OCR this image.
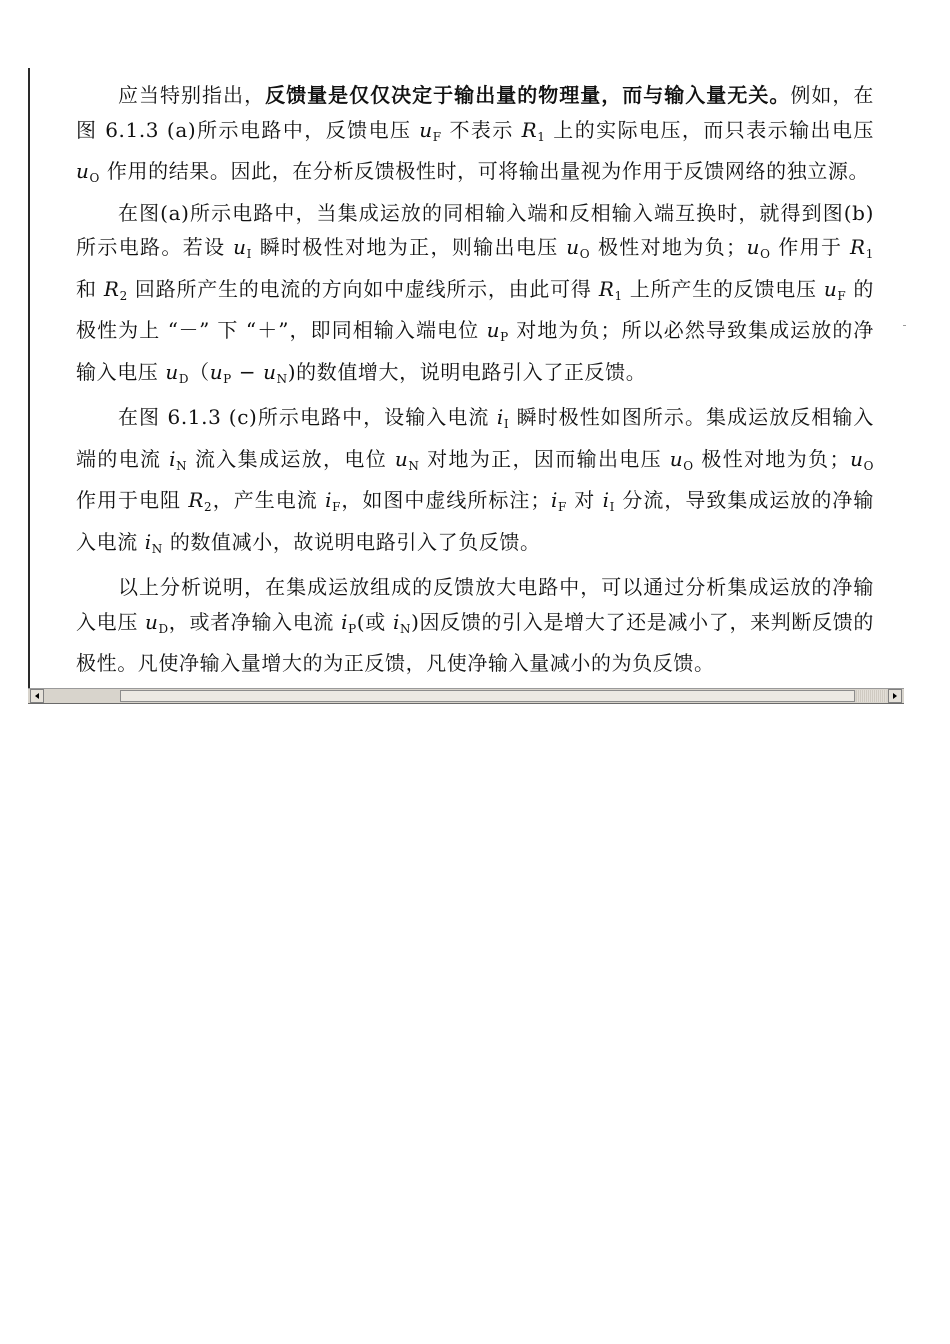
应当特别指出，反馈量是仅仅决定于输出量的物理量，而与输入量无关。例如，在图 6.1.3 (a)所示电路中，反馈电压 $u_F$ 不表示 $R_1$ 上的实际电压，而只表示输出电压 $u_O$ 作用的结果。因此，在分析反馈极性时，可将输出量视为作用于反馈网络的独立源。

在图(a)所示电路中，当集成运放的同相输入端和反相输入端互换时，就得到图(b)所示电路。若设 $u_I$ 瞬时极性对地为正，则输出电压 $u_O$ 极性对地为负；$u_O$ 作用于 $R_1$ 和 $R_2$ 回路所产生的电流的方向如中虚线所示，由此可得 $R_1$ 上所产生的反馈电压 $u_F$ 的极性为上 “－” 下 “＋”，即同相输入端电位 $u_P$ 对地为负；所以必然导致集成运放的净输入电压 $u_D(u_P - u_N)$的数值增大，说明电路引入了正反馈。

在图 6.1.3 (c)所示电路中，设输入电流 $i_I$ 瞬时极性如图所示。集成运放反相输入端的电流 $i_N$ 流入集成运放，电位 $u_N$ 对地为正，因而输出电压 $u_O$ 极性对地为负；$u_O$ 作用于电阻 $R_2$，产生电流 $i_F$，如图中虚线所标注；$i_F$ 对 $i_I$ 分流，导致集成运放的净输入电流 $i_N$ 的数值减小，故说明电路引入了负反馈。

以上分析说明，在集成运放组成的反馈放大电路中，可以通过分析集成运放的净输入电压 $u_D$，或者净输入电流 $i_P$(或 $i_N$)因反馈的引入是增大了还是减小了，来判断反馈的极性。凡使净输入量增大的为正反馈，凡使净输入量减小的为负反馈。
